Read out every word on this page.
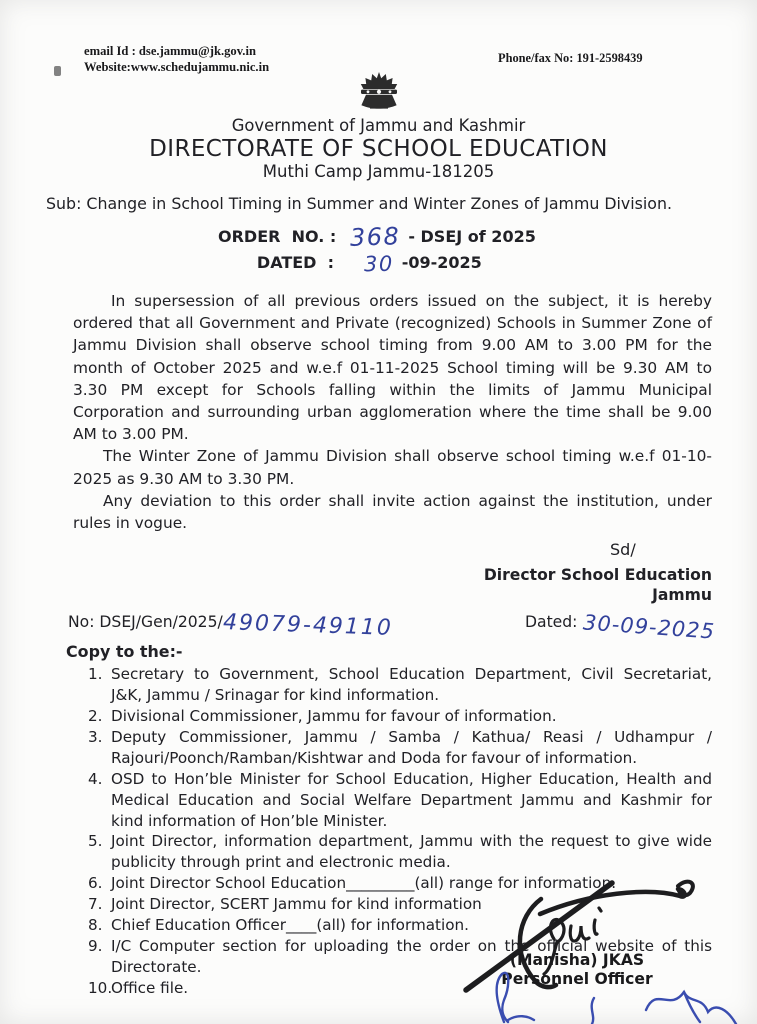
email Id : dse.jammu@jk.gov.in
Website:www.schedujammu.nic.in
Phone/fax No: 191-2598439
Government of Jammu and Kashmir
DIRECTORATE OF SCHOOL EDUCATION
Muthi Camp Jammu-181205

Sub: Change in School Timing in Summer and Winter Zones of Jammu Division.

ORDER  NO. : 368 - DSEJ of 2025
DATED  :	30 -09-2025

In supersession of all previous orders issued on the subject, it is hereby ordered that all Government and Private (recognized) Schools in Summer Zone of Jammu Division shall observe school timing from 9.00 AM to 3.00 PM for the month of October 2025 and w.e.f 01-11-2025 School timing will be 9.30 AM to 3.30 PM except for Schools falling within the limits of Jammu Municipal Corporation and surrounding urban agglomeration where the time shall be 9.00 AM to 3.00 PM.

The Winter Zone of Jammu Division shall observe school timing w.e.f 01-10-2025 as 9.30 AM to 3.30 PM.

Any deviation to this order shall invite action against the institution, under rules in vogue.

Sd/
Director School Education
Jammu
No: DSEJ/Gen/2025/49079-49110	Dated: 30-09-2025
Copy to the:-
Secretary to Government, School Education Department, Civil Secretariat, J&K, Jammu / Srinagar for kind information.
Divisional Commissioner, Jammu for favour of information.
Deputy Commissioner, Jammu / Samba / Kathua/ Reasi / Udhampur / Rajouri/Poonch/Ramban/Kishtwar and Doda for favour of information.
OSD to Hon’ble Minister for School Education, Higher Education, Health and Medical Education and Social Welfare Department Jammu and Kashmir for kind information of Hon’ble Minister.
Joint Director, information department, Jammu with the request to give wide publicity through print and electronic media.
Joint Director School Education_________(all) range for information.
Joint Director, SCERT Jammu for kind information
Chief Education Officer____(all) for information.
I/C Computer section for uploading the order on the official website of this Directorate.
Office file.
(Manisha) JKAS
Personnel Officer
